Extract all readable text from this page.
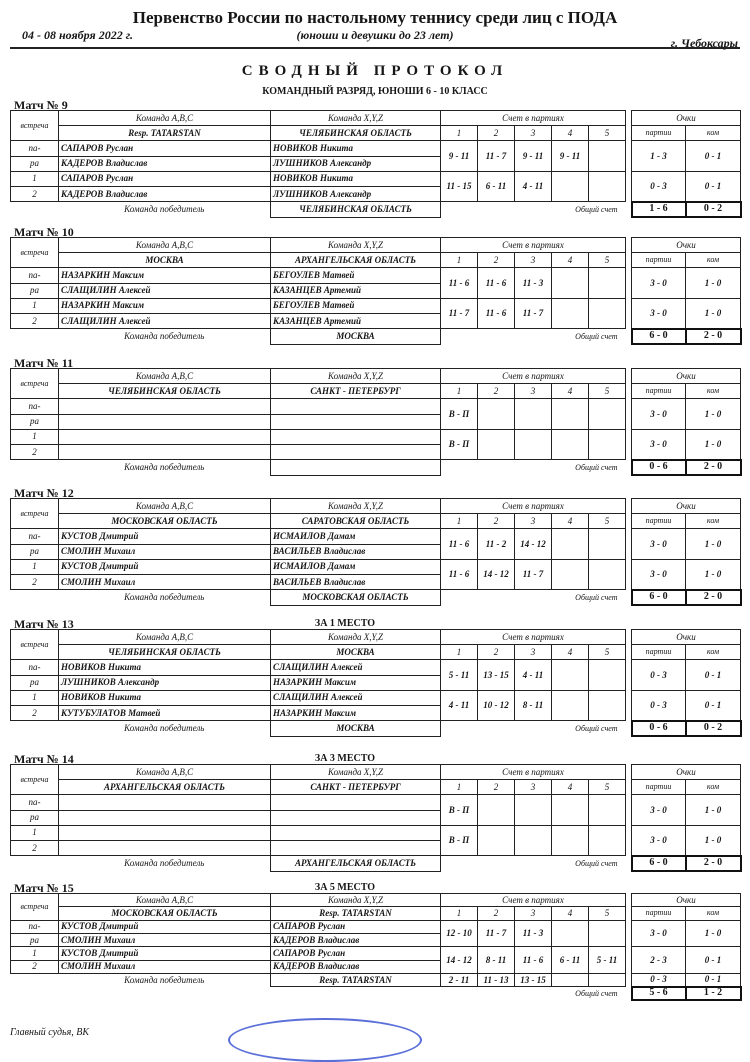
Первенство России по настольному теннису среди лиц с ПОДА
04 - 08 ноября 2022 г.	(юноши и девушки до 23 лет)
г. Чебоксары
СВОДНЫЙ ПРОТОКОЛ
КОМАНДНЫЙ РАЗРЯД, ЮНОШИ 6 - 10 КЛАСС
Матч № 9
встреча	Команда A,B,C	Команда X,Y,Z	Счет в партиях		Очки
Resp. TATARSTAN	ЧЕЛЯБИНСКАЯ ОБЛАСТЬ	1	2	3	4	5	партии	ком
па-	САПАРОВ Руслан	НОВИКОВ Никита	9 - 11	11 - 7	9 - 11	9 - 11			1 - 3	0 - 1
ра	КАДЕРОВ Владислав	ЛУШНИКОВ Александр
1	САПАРОВ Руслан	НОВИКОВ Никита	11 - 15	6 - 11	4 - 11				0 - 3	0 - 1
2	КАДЕРОВ Владислав	ЛУШНИКОВ Александр
	Команда победитель	ЧЕЛЯБИНСКАЯ ОБЛАСТЬ	Общий счет		1 - 6	0 - 2
Матч № 10
встреча	Команда A,B,C	Команда X,Y,Z	Счет в партиях		Очки
МОСКВА	АРХАНГЕЛЬСКАЯ ОБЛАСТЬ	1	2	3	4	5	партии	ком
па-	НАЗАРКИН Максим	БЕГОУЛЕВ Матвей	11 - 6	11 - 6	11 - 3				3 - 0	1 - 0
ра	СЛАЩИЛИН Алексей	КАЗАНЦЕВ Артемий
1	НАЗАРКИН Максим	БЕГОУЛЕВ Матвей	11 - 7	11 - 6	11 - 7				3 - 0	1 - 0
2	СЛАЩИЛИН Алексей	КАЗАНЦЕВ Артемий
	Команда победитель	МОСКВА	Общий счет		6 - 0	2 - 0
Матч № 11
встреча	Команда A,B,C	Команда X,Y,Z	Счет в партиях		Очки
ЧЕЛЯБИНСКАЯ ОБЛАСТЬ	САНКТ - ПЕТЕРБУРГ	1	2	3	4	5	партии	ком
па-			В - П						3 - 0	1 - 0
ра		
1			В - П						3 - 0	1 - 0
2		
	Команда победитель		Общий счет		0 - 6	2 - 0
Матч № 12
встреча	Команда A,B,C	Команда X,Y,Z	Счет в партиях		Очки
МОСКОВСКАЯ ОБЛАСТЬ	САРАТОВСКАЯ ОБЛАСТЬ	1	2	3	4	5	партии	ком
па-	КУСТОВ Дмитрий	ИСМАИЛОВ Дамам	11 - 6	11 - 2	14 - 12				3 - 0	1 - 0
ра	СМОЛИН Михаил	ВАСИЛЬЕВ Владислав
1	КУСТОВ Дмитрий	ИСМАИЛОВ Дамам	11 - 6	14 - 12	11 - 7				3 - 0	1 - 0
2	СМОЛИН Михаил	ВАСИЛЬЕВ Владислав
	Команда победитель	МОСКОВСКАЯ ОБЛАСТЬ	Общий счет		6 - 0	2 - 0
Матч № 13	ЗА 1 МЕСТО
встреча	Команда A,B,C	Команда X,Y,Z	Счет в партиях		Очки
ЧЕЛЯБИНСКАЯ ОБЛАСТЬ	МОСКВА	1	2	3	4	5	партии	ком
па-	НОВИКОВ Никита	СЛАЩИЛИН Алексей	5 - 11	13 - 15	4 - 11				0 - 3	0 - 1
ра	ЛУШНИКОВ Александр	НАЗАРКИН Максим
1	НОВИКОВ Никита	СЛАЩИЛИН Алексей	4 - 11	10 - 12	8 - 11				0 - 3	0 - 1
2	КУТУБУЛАТОВ Матвей	НАЗАРКИН Максим
	Команда победитель	МОСКВА	Общий счет		0 - 6	0 - 2
Матч № 14	ЗА 3 МЕСТО
встреча	Команда A,B,C	Команда X,Y,Z	Счет в партиях		Очки
АРХАНГЕЛЬСКАЯ ОБЛАСТЬ	САНКТ - ПЕТЕРБУРГ	1	2	3	4	5	партии	ком
па-			В - П						3 - 0	1 - 0
ра		
1			В - П						3 - 0	1 - 0
2		
	Команда победитель	АРХАНГЕЛЬСКАЯ ОБЛАСТЬ	Общий счет		6 - 0	2 - 0
Матч № 15	ЗА 5 МЕСТО
встреча	Команда A,B,C	Команда X,Y,Z	Счет в партиях		Очки
МОСКОВСКАЯ ОБЛАСТЬ	Resp. TATARSTAN	1	2	3	4	5	партии	ком
па-	КУСТОВ Дмитрий	САПАРОВ Руслан	12 - 10	11 - 7	11 - 3				3 - 0	1 - 0
ра	СМОЛИН Михаил	КАДЕРОВ Владислав
1	КУСТОВ Дмитрий	САПАРОВ Руслан	14 - 12	8 - 11	11 - 6	6 - 11	5 - 11		2 - 3	0 - 1
2	СМОЛИН Михаил	КАДЕРОВ Владислав
	Команда победитель	Resp. TATARSTAN	2 - 11	11 - 13	13 - 15				0 - 3	0 - 1
	Общий счет		5 - 6	1 - 2
Главный судья, ВК
